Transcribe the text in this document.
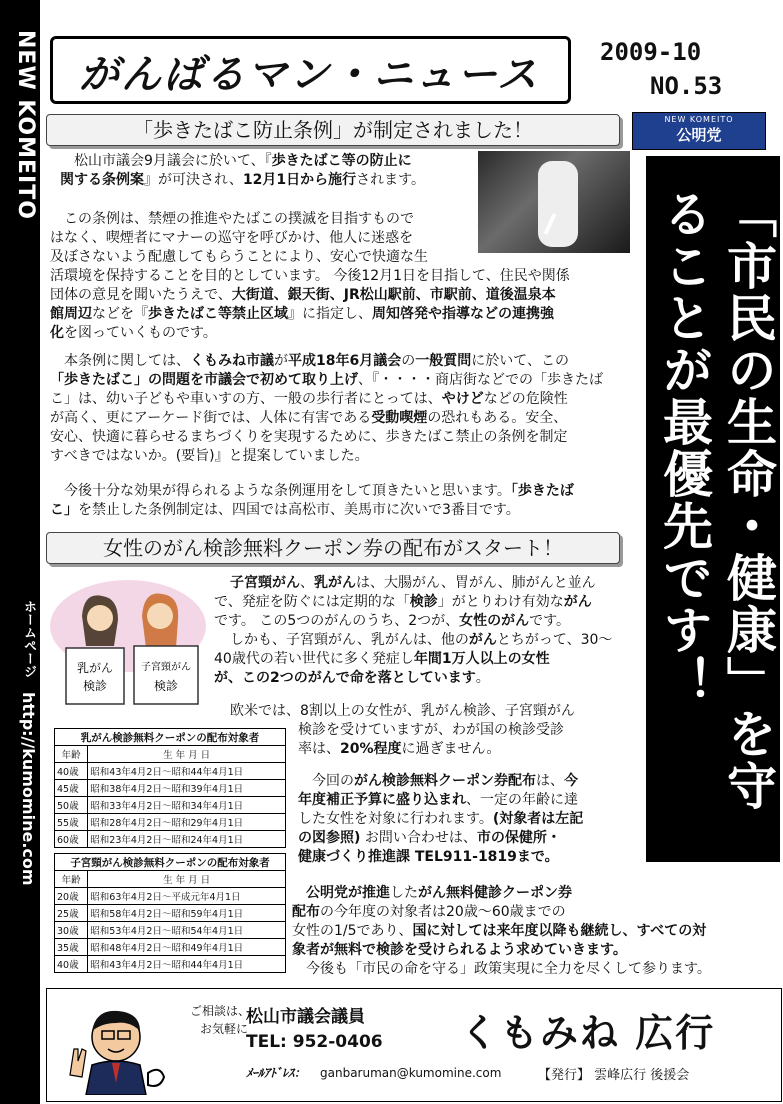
NEW KOMEITO
ホームページ
http://kumomine.com
がんばるマン・ニュース	2009-10
NO.53
NEW KOMEITO
公明党
「歩きたばこ防止条例」が制定されました！
松山市議会9月議会に於いて、『歩きたばこ等の防止に
関する条例案』が可決され、12月1日から施行されます。
この条例は、禁煙の推進やたばこの撲滅を目指すもので
はなく、喫煙者にマナーの巡守を呼びかけ、他人に迷惑を
及ぼさないよう配慮してもらうことにより、安心で快適な生
活環境を保持することを目的としています。 今後12月1日を目指して、住民や関係
団体の意見を聞いたうえで、大街道、銀天街、JR松山駅前、市駅前、道後温泉本
館周辺などを『歩きたばこ等禁止区域』に指定し、周知啓発や指導などの連携強
化を図っていくものです。
本条例に関しては、くもみね市議が平成18年6月議会の一般質問に於いて、この
「歩きたばこ」の問題を市議会で初めて取り上げ、『・・・・商店街などでの「歩きたば
こ」は、幼い子どもや車いすの方、一般の歩行者にとっては、やけどなどの危険性
が高く、更にアーケード街では、人体に有害である受動喫煙の恐れもある。安全、
安心、快適に暮らせるまちづくりを実現するために、歩きたばこ禁止の条例を制定
すべきではないか。(要旨)』と提案していました。
今後十分な効果が得られるような条例運用をして頂きたいと思います。「歩きたば
こ」を禁止した条例制定は、四国では高松市、美馬市に次いで3番目です。	「市民の生命・健康」を守ることが最優先です！
女性のがん検診無料クーポン券の配布がスタート！
乳がん
検診
子宮頸がん
検診
子宮頸がん、乳がんは、大腸がん、胃がん、肺がんと並ん
で、発症を防ぐには定期的な「検診」がとりわけ有効ながん
です。 この5つのがんのうち、2つが、女性のがんです。
しかも、子宮頸がん、乳がんは、他のがんとちがって、30～
40歳代の若い世代に多く発症し年間1万人以上の女性
が、この2つのがんで命を落としています。
欧米では、8割以上の女性が、乳がん検診、子宮頸がん
検診を受けていますが、わが国の検診受診
率は、20%程度に過ぎません。
今回のがん検診無料クーポン券配布は、今
年度補正予算に盛り込まれ、一定の年齢に達
した女性を対象に行われます。(対象者は左記
の図参照) お問い合わせは、市の保健所・
健康づくり推進課 TEL911-1819まで。
公明党が推進したがん無料健診クーポン券
配布の今年度の対象者は20歳～60歳までの
女性の1/5であり、国に対しては来年度以降も継続し、すべての対
象者が無料で検診を受けられるよう求めていきます。
今後も「市民の命を守る」政策実現に全力を尽くして参ります。
乳がん検診無料クーポンの配布対象者	
年齢	生 年 月 日
40歳	昭和43年4月2日～昭和44年4月1日
45歳	昭和38年4月2日～昭和39年4月1日
50歳	昭和33年4月2日～昭和34年4月1日
55歳	昭和28年4月2日～昭和29年4月1日
60歳	昭和23年4月2日～昭和24年4月1日
子宮頸がん検診無料クーポンの配布対象者	
年齢	生 年 月 日
20歳	昭和63年4月2日～平成元年4月1日
25歳	昭和58年4月2日～昭和59年4月1日
30歳	昭和53年4月2日～昭和54年4月1日
35歳	昭和48年4月2日～昭和49年4月1日
40歳	昭和43年4月2日～昭和44年4月1日
ご相談は、
お気軽に
松山市議会議員
TEL: 952-0406 くもみね 広行
ﾒｰﾙｱﾄﾞﾚｽ： ganbaruman@kumomine.com	【発行】 雲峰広行 後援会
